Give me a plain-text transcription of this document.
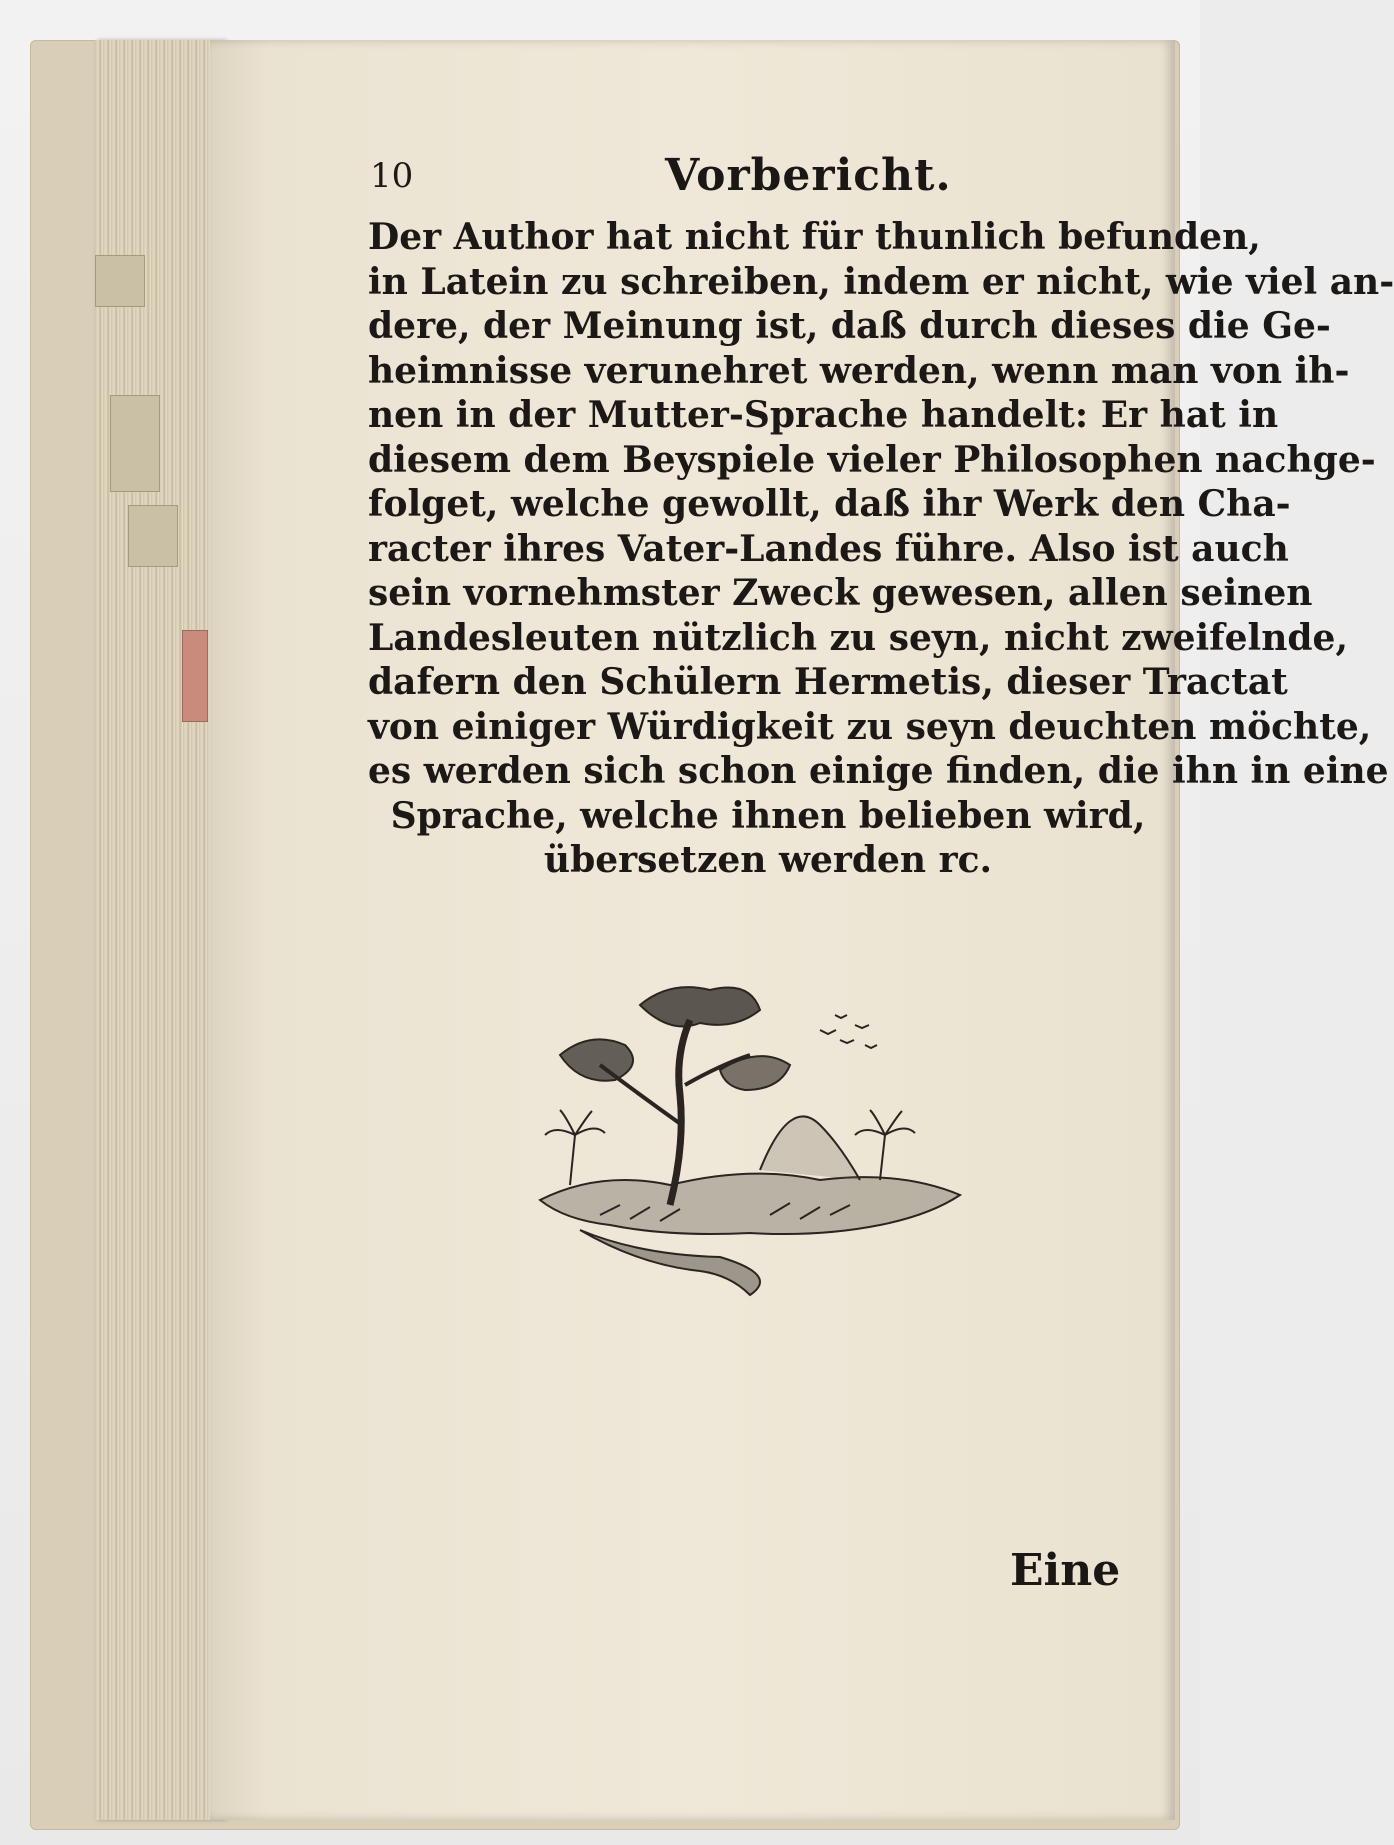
10	Vorbericht.
Der Author hat nicht für thunlich befunden,
in Latein zu schreiben, indem er nicht, wie viel an-
dere, der Meinung ist, daß durch dieses die Ge-
heimnisse verunehret werden, wenn man von ih-
nen in der Mutter-Sprache handelt: Er hat in
diesem dem Beyspiele vieler Philosophen nachge-
folget, welche gewollt, daß ihr Werk den Cha-
racter ihres Vater-Landes führe. Also ist auch
sein vornehmster Zweck gewesen, allen seinen
Landesleuten nützlich zu seyn, nicht zweifelnde,
dafern den Schülern Hermetis, dieser Tractat
von einiger Würdigkeit zu seyn deuchten möchte,
es werden sich schon einige finden, die ihn in eine
Sprache, welche ihnen belieben wird,
übersetzen werden rc.
Eine
